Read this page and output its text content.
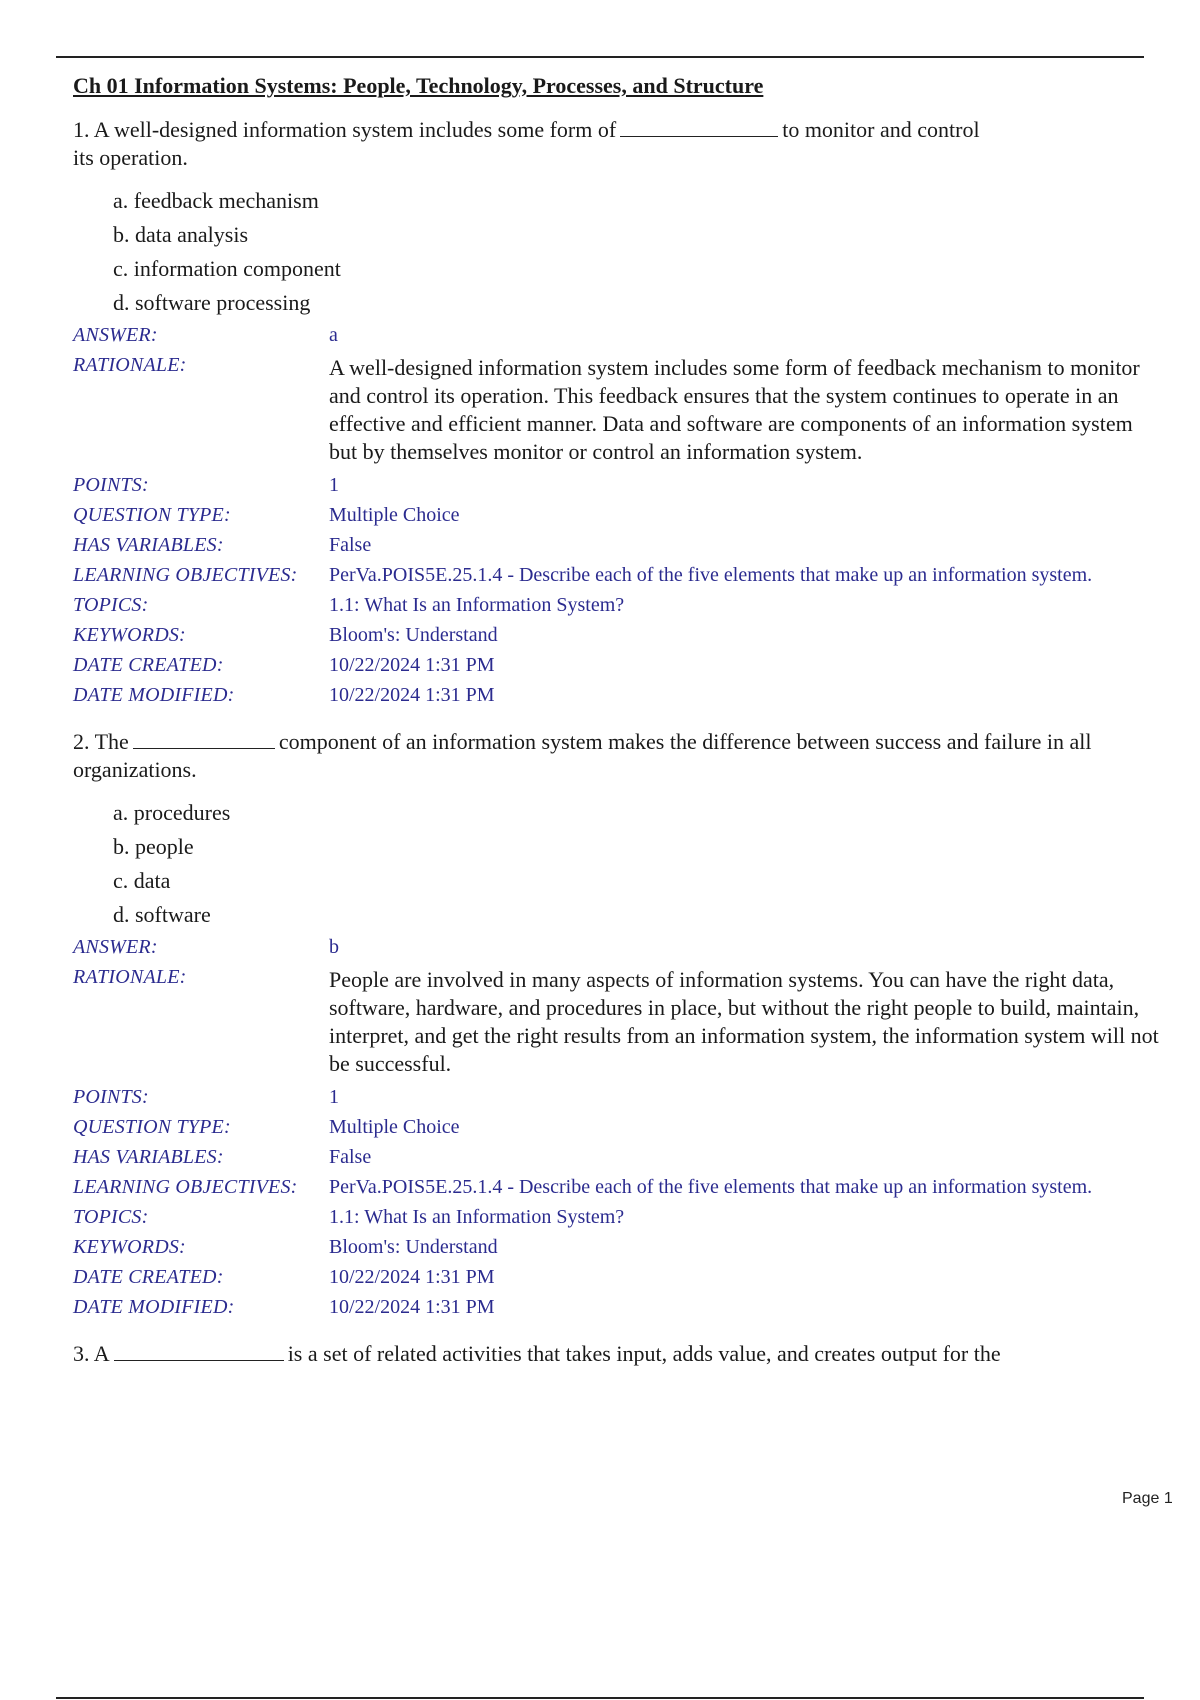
Ch 01 Information Systems: People, Technology, Processes, and Structure
1. A well-designed information system includes some form of	to monitor and control its operation.
a. feedback mechanism
b. data analysis
c. information component
d. software processing
ANSWER:	a
RATIONALE:	A well-designed information system includes some form of feedback mechanism to monitor and control its operation. This feedback ensures that the system continues to operate in an effective and efficient manner. Data and software are components of an information system but by themselves monitor or control an information system.
POINTS:	1
QUESTION TYPE:	Multiple Choice
HAS VARIABLES:	False
LEARNING OBJECTIVES:	PerVa.POIS5E.25.1.4 - Describe each of the five elements that make up an information system.
TOPICS:	1.1: What Is an Information System?
KEYWORDS:	Bloom's: Understand
DATE CREATED:	10/22/2024 1:31 PM
DATE MODIFIED:	10/22/2024 1:31 PM
2. The	component of an information system makes the difference between success and failure in all organizations.
a. procedures
b. people
c. data
d. software
ANSWER:	b
RATIONALE:	People are involved in many aspects of information systems. You can have the right data, software, hardware, and procedures in place, but without the right people to build, maintain, interpret, and get the right results from an information system, the information system will not be successful.
POINTS:	1
QUESTION TYPE:	Multiple Choice
HAS VARIABLES:	False
LEARNING OBJECTIVES:	PerVa.POIS5E.25.1.4 - Describe each of the five elements that make up an information system.
TOPICS:	1.1: What Is an Information System?
KEYWORDS:	Bloom's: Understand
DATE CREATED:	10/22/2024 1:31 PM
DATE MODIFIED:	10/22/2024 1:31 PM
3. A	is a set of related activities that takes input, adds value, and creates output for the
Page 1
